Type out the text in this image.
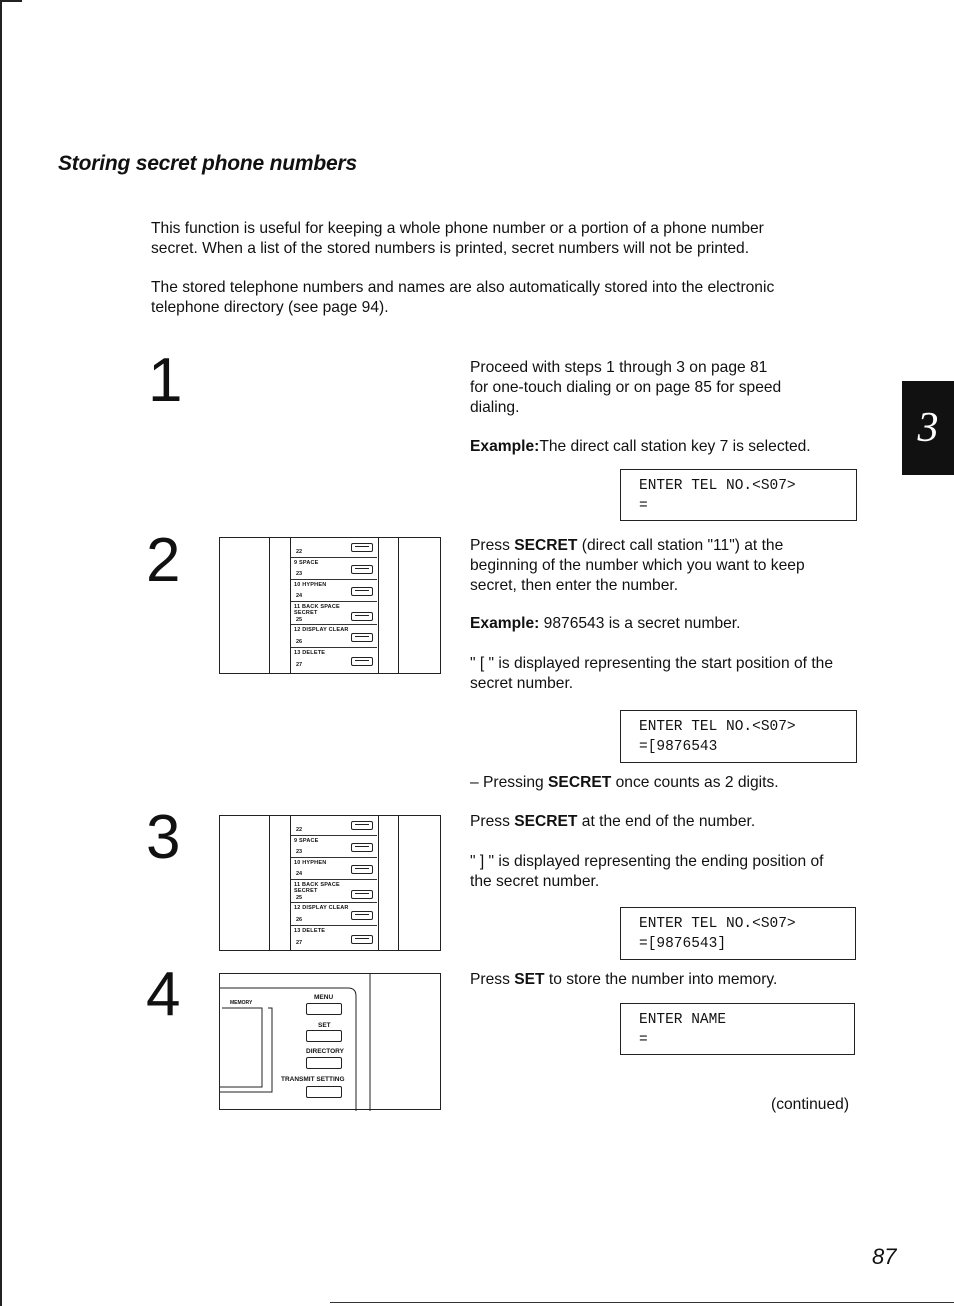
Storing secret phone numbers

This function is useful for keeping a whole phone number or a portion of a phone number
secret. When a list of the stored numbers is printed, secret numbers will not be printed.

The stored telephone numbers and names are also automatically stored into the electronic
telephone directory (see page 94).

3
1	Proceed with steps 1 through 3 on page 81
for one-touch dialing or on page 85 for speed
dialing.

Example:The direct call station key 7 is selected.

ENTER TEL NO.<S07>
=
2	22
9 SPACE
23
10 HYPHEN
24
11 BACK SPACE SECRET
25
12 DISPLAY CLEAR
26
13 DELETE
27

Press SECRET (direct call station "11") at the
beginning of the number which you want to keep
secret, then enter the number.

Example: 9876543 is a secret number.

" [ " is displayed representing the start position of the
secret number.

ENTER TEL NO.<S07>
=[9876543

– Pressing SECRET once counts as 2 digits.

3	22
9 SPACE
23
10 HYPHEN
24
11 BACK SPACE SECRET
25
12 DISPLAY CLEAR
26
13 DELETE
27

Press SECRET at the end of the number.

" ] " is displayed representing the ending position of
the secret number.

ENTER TEL NO.<S07>
=[9876543]
4	MEMORY
MENU
SET
DIRECTORY
TRANSMIT SETTING

Press SET to store the number into memory.

ENTER NAME
=

(continued)

87
